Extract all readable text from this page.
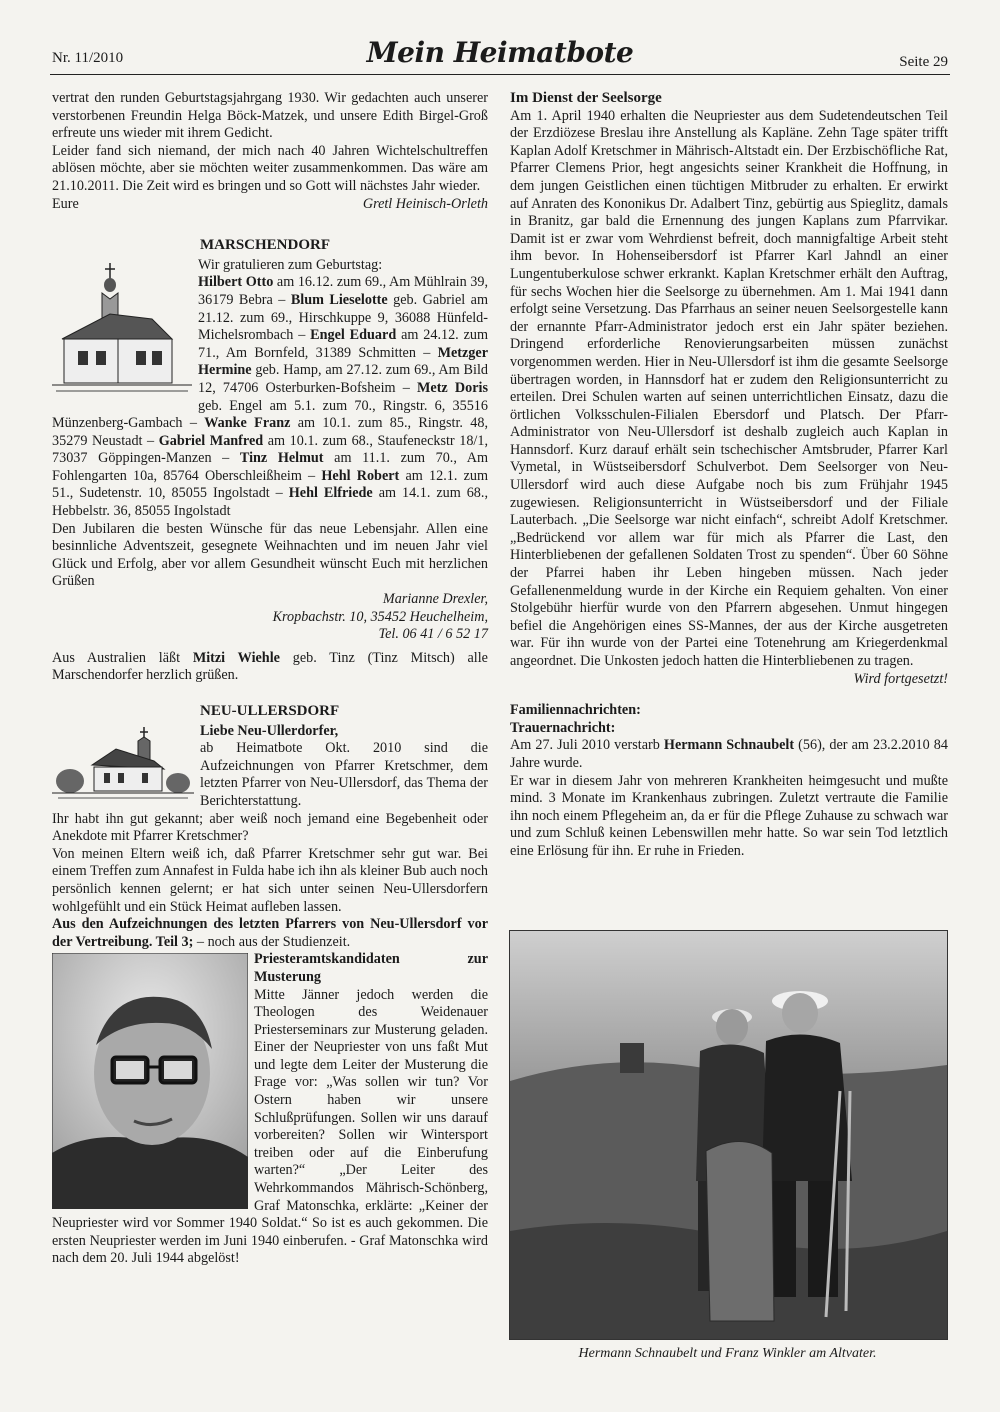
Nr. 11/2010	Mein Heimatbote	Seite 29

vertrat den runden Geburtstagsjahrgang 1930. Wir gedachten auch unserer verstorbenen Freundin Helga Böck-Matzek, und unsere Edith Birgel-Groß erfreute uns wieder mit ihrem Gedicht.

Leider fand sich niemand, der mich nach 40 Jahren Wichtelschultreffen ablösen möchte, aber sie möchten weiter zusammenkommen. Das wäre am 21.10.2011. Die Zeit wird es bringen und so Gott will nächstes Jahr wieder.

Eure	Gretl Heinisch-Orleth
MARSCHENDORF
Wir gratulieren zum Geburtstag:

Hilbert Otto am 16.12. zum 69., Am Mühlrain 39, 36179 Bebra – Blum Lieselotte geb. Gabriel am 21.12. zum 69., Hirschkuppe 9, 36088 Hünfeld-Michelsrombach – Engel Eduard am 24.12. zum 71., Am Bornfeld, 31389 Schmitten – Metzger Hermine geb. Hamp, am 27.12. zum 69., Am Bild 12, 74706 Osterburken-Bofsheim – Metz Doris geb. Engel am 5.1. zum 70., Ringstr. 6, 35516 Münzenberg-Gambach – Wanke Franz am 10.1. zum 85., Ringstr. 48, 35279 Neustadt – Gabriel Manfred am 10.1. zum 68., Staufeneckstr 18/1, 73037 Göppingen-Manzen – Tinz Helmut am 11.1. zum 70., Am Fohlengarten 10a, 85764 Oberschleißheim – Hehl Robert am 12.1. zum 51., Sudetenstr. 10, 85055 Ingolstadt – Hehl Elfriede am 14.1. zum 68., Hebbelstr. 36, 85055 Ingolstadt

Den Jubilaren die besten Wünsche für das neue Lebensjahr. Allen eine besinnliche Adventszeit, gesegnete Weihnachten und im neuen Jahr viel Glück und Erfolg, aber vor allem Gesundheit wünscht Euch mit herzlichen Grüßen

Marianne Drexler,
Kropbachstr. 10, 35452 Heuchelheim,
Tel. 06 41 / 6 52 17

Aus Australien läßt Mitzi Wiehle geb. Tinz (Tinz Mitsch) alle Marschendorfer herzlich grüßen.

NEU-ULLERSDORF
Liebe Neu-Ullerdorfer,

ab Heimatbote Okt. 2010 sind die Aufzeichnungen von Pfarrer Kretschmer, dem letzten Pfarrer von Neu-Ullersdorf, das Thema der Berichterstattung.

Ihr habt ihn gut gekannt; aber weiß noch jemand eine Begebenheit oder Anekdote mit Pfarrer Kretschmer?

Von meinen Eltern weiß ich, daß Pfarrer Kretschmer sehr gut war. Bei einem Treffen zum Annafest in Fulda habe ich ihn als kleiner Bub auch noch persönlich kennen gelernt; er hat sich unter seinen Neu-Ullersdorfern wohlgefühlt und ein Stück Heimat aufleben lassen.

Aus den Aufzeichnungen des letzten Pfarrers von Neu-Ullersdorf vor der Vertreibung. Teil 3; – noch aus der Studienzeit.

Priesteramtskandidaten zur Musterung

Mitte Jänner jedoch werden die Theologen des Weidenauer Priesterseminars zur Musterung geladen. Einer der Neupriester von uns faßt Mut und legte dem Leiter der Musterung die Frage vor: „Was sollen wir tun? Vor Ostern haben wir unsere Schlußprüfungen. Sollen wir uns darauf vorbereiten? Sollen wir Wintersport treiben oder auf die Einberufung warten?“ „Der Leiter des Wehrkommandos Mährisch-Schönberg, Graf Matonschka, erklärte: „Keiner der Neupriester wird vor Sommer 1940 Soldat.“ So ist es auch gekommen. Die ersten Neupriester werden im Juni 1940 einberufen. - Graf Matonschka wird nach dem 20. Juli 1944 abgelöst!

Im Dienst der Seelsorge

Am 1. April 1940 erhalten die Neupriester aus dem Sudetendeutschen Teil der Erzdiözese Breslau ihre Anstellung als Kapläne. Zehn Tage später trifft Kaplan Adolf Kretschmer in Mährisch-Altstadt ein. Der Erzbischöfliche Rat, Pfarrer Clemens Prior, hegt angesichts seiner Krankheit die Hoffnung, in dem jungen Geistlichen einen tüchtigen Mitbruder zu erhalten. Er erwirkt auf Anraten des Kononikus Dr. Adalbert Tinz, gebürtig aus Spieglitz, damals in Branitz, gar bald die Ernennung des jungen Kaplans zum Pfarrvikar. Damit ist er zwar vom Wehrdienst befreit, doch mannigfaltige Arbeit steht ihm bevor. In Hohenseibersdorf ist Pfarrer Karl Jahndl an einer Lungentuberkulose schwer erkrankt. Kaplan Kretschmer erhält den Auftrag, für sechs Wochen hier die Seelsorge zu übernehmen. Am 1. Mai 1941 dann erfolgt seine Versetzung. Das Pfarrhaus an seiner neuen Seelsorgestelle kann der ernannte Pfarr-Administrator jedoch erst ein Jahr später beziehen. Dringend erforderliche Renovierungsarbeiten müssen zunächst vorgenommen werden. Hier in Neu-Ullersdorf ist ihm die gesamte Seelsorge übertragen worden, in Hannsdorf hat er zudem den Religionsunterricht zu erteilen. Drei Schulen warten auf seinen unterrichtlichen Einsatz, dazu die örtlichen Volksschulen-Filialen Ebersdorf und Platsch. Der Pfarr-Administrator von Neu-Ullersdorf ist deshalb zugleich auch Kaplan in Hannsdorf. Kurz darauf erhält sein tschechischer Amtsbruder, Pfarrer Karl Vymetal, in Wüstseibersdorf Schulverbot. Dem Seelsorger von Neu-Ullersdorf wird auch diese Aufgabe noch bis zum Frühjahr 1945 zugewiesen. Religionsunterricht in Wüstseibersdorf und der Filiale Lauterbach. „Die Seelsorge war nicht einfach“, schreibt Adolf Kretschmer. „Bedrückend vor allem war für mich als Pfarrer die Last, den Hinterbliebenen der gefallenen Soldaten Trost zu spenden“. Über 60 Söhne der Pfarrei haben ihr Leben hingeben müssen. Nach jeder Gefallenenmeldung wurde in der Kirche ein Requiem gehalten. Von einer Stolgebühr hierfür wurde von den Pfarrern abgesehen. Unmut hingegen befiel die Angehörigen eines SS-Mannes, der aus der Kirche ausgetreten war. Für ihn wurde von der Partei eine Totenehrung am Kriegerdenkmal angeordnet. Die Unkosten jedoch hatten die Hinterbliebenen zu tragen.

Wird fortgesetzt!
Familiennachrichten:
Trauernachricht:

Am 27. Juli 2010 verstarb Hermann Schnaubelt (56), der am 23.2.2010 84 Jahre wurde.

Er war in diesem Jahr von mehreren Krankheiten heimgesucht und mußte mind. 3 Monate im Krankenhaus zubringen. Zuletzt vertraute die Familie ihn noch einem Pflegeheim an, da er für die Pflege Zuhause zu schwach war und zum Schluß keinen Lebenswillen mehr hatte. So war sein Tod letztlich eine Erlösung für ihn. Er ruhe in Frieden.

Hermann Schnaubelt und Franz Winkler am Altvater.
